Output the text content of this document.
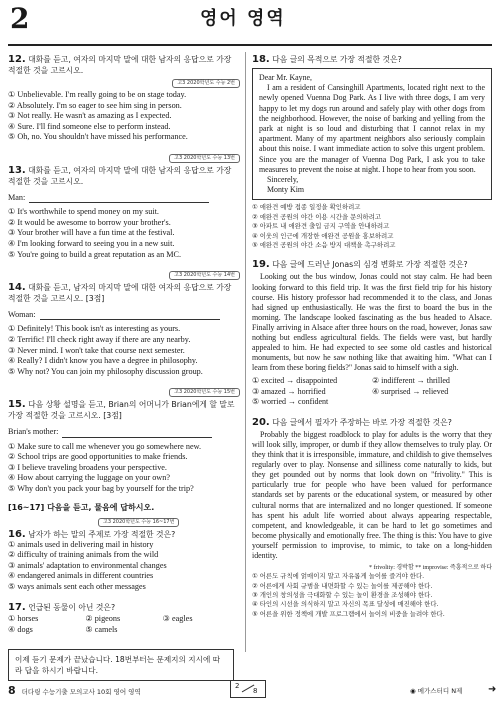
2	영어 영역
12. 대화를 듣고, 여자의 마지막 말에 대한 남자의 응답으로 가장 적절한 것을 고르시오.
고3 2020학년도 수능 2번
① Unbelievable. I'm really going to be on stage today.
② Absolutely. I'm so eager to see him sing in person.
③ Not really. He wasn't as amazing as I expected.
④ Sure. I'll find someone else to perform instead.
⑤ Oh, no. You shouldn't have missed his performance.
고3 2020학년도 수능 13번
13. 대화를 듣고, 여자의 마지막 말에 대한 남자의 응답으로 가장 적절한 것을 고르시오.
Man:
① It's worthwhile to spend money on my suit.
② It would be awesome to borrow your brother's.
③ Your brother will have a fun time at the festival.
④ I'm looking forward to seeing you in a new suit.
⑤ You're going to build a great reputation as an MC.
고3 2020학년도 수능 14번
14. 대화를 듣고, 남자의 마지막 말에 대한 여자의 응답으로 가장 적절한 것을 고르시오. [3점]
Woman:
① Definitely! This book isn't as interesting as yours.
② Terrific! I'll check right away if there are any nearby.
③ Never mind. I won't take that course next semester.
④ Really? I didn't know you have a degree in philosophy.
⑤ Why not? You can join my philosophy discussion group.
고3 2020학년도 수능 15번
15. 다음 상황 설명을 듣고, Brian의 어머니가 Brian에게 할 말로 가장 적절한 것을 고르시오. [3점]
Brian's mother:
① Make sure to call me whenever you go somewhere new.
② School trips are good opportunities to make friends.
③ I believe traveling broadens your perspective.
④ How about carrying the luggage on your own?
⑤ Why don't you pack your bag by yourself for the trip?
[16~17] 다음을 듣고, 물음에 답하시오.
고3 2020학년도 수능 16~17번
16. 남자가 하는 말의 주제로 가장 적절한 것은?
① animals used in delivering mail in history
② difficulty of training animals from the wild
③ animals' adaptation to environmental changes
④ endangered animals in different countries
⑤ ways animals sent each other messages
17. 언급된 동물이 아닌 것은?
① horses	② pigeons	③ eagles
④ dogs	⑤ camels
이제 듣기 문제가 끝났습니다. 18번부터는 문제지의 지시에 따라 답을 하시기 바랍니다.
18. 다음 글의 목적으로 가장 적절한 것은?
Dear Mr. Kayne,
I am a resident of Cansinghill Apartments, located right next to the newly opened Vuenna Dog Park. As I live with three dogs, I am very happy to let my dogs run around and safely play with other dogs from the neighborhood. However, the noise of barking and yelling from the park at night is so loud and disturbing that I cannot relax in my apartment. Many of my apartment neighbors also seriously complain about this noise. I want immediate action to solve this urgent problem. Since you are the manager of Vuenna Dog Park, I ask you to take measures to prevent the noise at night. I hope to hear from you soon.
Sincerely,
Monty Kim
① 애완견 예방 접종 일정을 확인하려고
② 애완견 공원의 야간 이용 시간을 문의하려고
③ 아파트 내 애완견 출입 금지 구역을 안내하려고
④ 이웃의 인근에 개장한 애완견 공원을 홍보하려고
⑤ 애완견 공원의 야간 소음 방지 대책을 촉구하려고
19. 다음 글에 드러난 Jonas의 심경 변화로 가장 적절한 것은?
Looking out the bus window, Jonas could not stay calm. He had been looking forward to this field trip. It was the first field trip for his history course. His history professor had recommended it to the class, and Jonas had signed up enthusiastically. He was the first to board the bus in the morning. The landscape looked fascinating as the bus headed to Alsace. Finally arriving in Alsace after three hours on the road, however, Jonas saw nothing but endless agricultural fields. The fields were vast, but hardly appealed to him. He had expected to see some old castles and historical monuments, but now he saw nothing like that awaiting him. "What can I learn from these boring fields?" Jonas said to himself with a sigh.
① excited → disappointed	② indifferent → thrilled
③ amazed → horrified	④ surprised → relieved
⑤ worried → confident
20. 다음 글에서 필자가 주장하는 바로 가장 적절한 것은?
Probably the biggest roadblock to play for adults is the worry that they will look silly, improper, or dumb if they allow themselves to truly play. Or they think that it is irresponsible, immature, and childish to give themselves regularly over to play. Nonsense and silliness come naturally to kids, but they get pounded out by norms that look down on "frivolity." This is particularly true for people who have been valued for performance standards set by parents or the educational system, or measured by other cultural norms that are internalized and no longer questioned. If someone has spent his adult life worried about always appearing respectable, competent, and knowledgeable, it can be hard to let go sometimes and become physically and emotionally free. The thing is this: You have to give yourself permission to improvise, to mimic, to take on a long-hidden identity.
* frivolity: 경박함 ** improvise: 즉흥적으로 하다
① 어른도 규칙에 얽매이지 말고 자유롭게 놀이를 즐겨야 한다.
② 어른에게 사회 규범을 내면화할 수 있는 놀이를 제공해야 한다.
③ 개인의 창의성을 극대화할 수 있는 놀이 환경을 조성해야 한다.
④ 타인의 시선을 의식하지 말고 자신의 목표 달성에 매진해야 한다.
⑤ 어른을 위한 정책에 개발 프로그램에서 놀이의 비중을 늘려야 한다.
8 더다링 수능기출 모의고사 10회 영어 영역
2
8	◉ 메가스터디 N제	➜
